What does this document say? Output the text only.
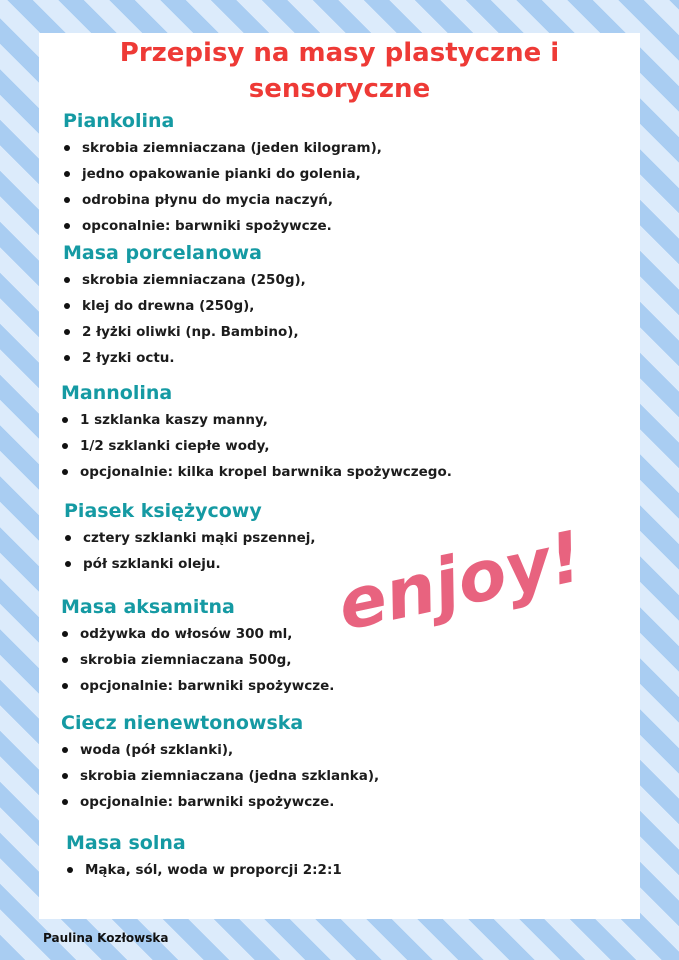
Przepisy na masy plastyczne i sensoryczne
Piankolina
skrobia ziemniaczana (jeden kilogram),
jedno opakowanie pianki do golenia,
odrobina płynu do mycia naczyń,
opconalnie: barwniki spożywcze.
Masa porcelanowa
skrobia ziemniaczana (250g),
klej do drewna (250g),
2 łyżki oliwki (np. Bambino),
2 łyzki octu.
Mannolina
1 szklanka kaszy manny,
1/2 szklanki ciepłe wody,
opcjonalnie: kilka kropel barwnika spożywczego.
Piasek księżycowy
cztery szklanki mąki pszennej,
pół szklanki oleju.
Masa aksamitna
odżywka do włosów 300 ml,
skrobia ziemniaczana 500g,
opcjonalnie: barwniki spożywcze.
Ciecz nienewtonowska
woda (pół szklanki),
skrobia ziemniaczana (jedna szklanka),
opcjonalnie: barwniki spożywcze.
Masa solna
Mąka, sól, woda w proporcji 2:2:1
enjoy!

Paulina Kozłowska
